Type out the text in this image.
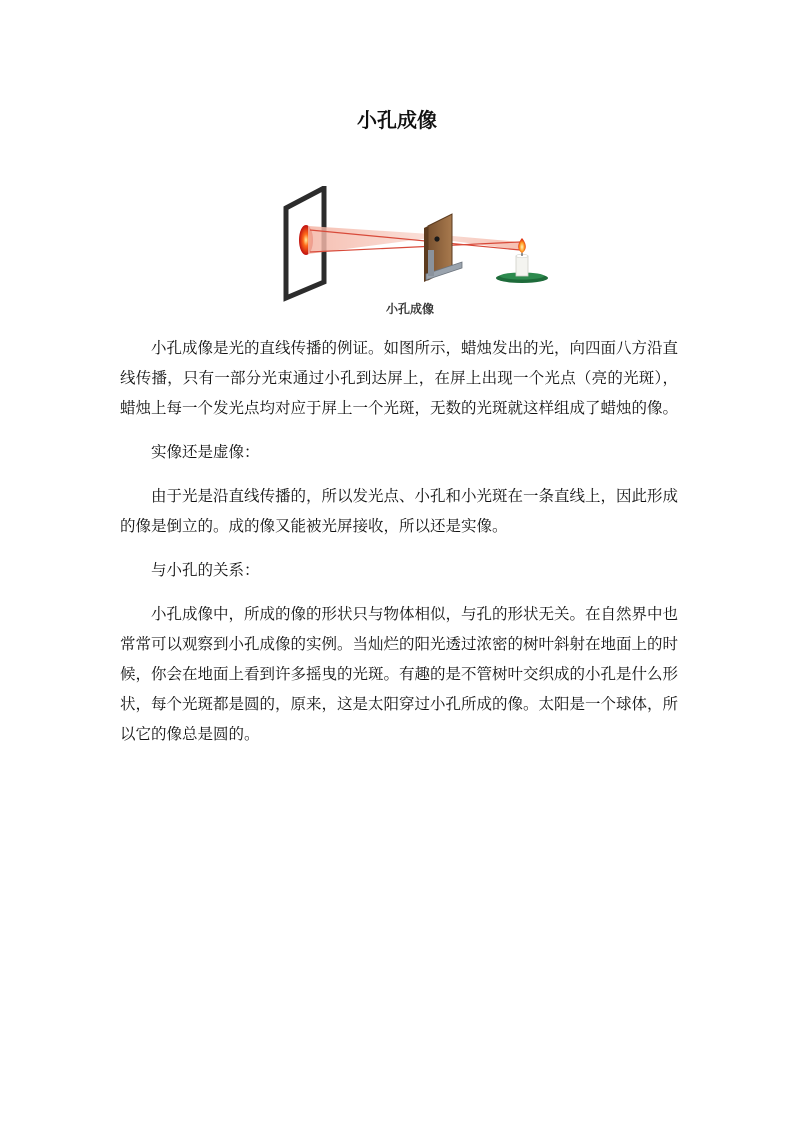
小孔成像
小孔成像

小孔成像是光的直线传播的例证。如图所示，蜡烛发出的光，向四面八方沿直线传播，只有一部分光束通过小孔到达屏上，在屏上出现一个光点（亮的光斑），蜡烛上每一个发光点均对应于屏上一个光斑，无数的光斑就这样组成了蜡烛的像。

实像还是虚像：

由于光是沿直线传播的，所以发光点、小孔和小光斑在一条直线上，因此形成的像是倒立的。成的像又能被光屏接收，所以还是实像。

与小孔的关系：

小孔成像中，所成的像的形状只与物体相似，与孔的形状无关。在自然界中也常常可以观察到小孔成像的实例。当灿烂的阳光透过浓密的树叶斜射在地面上的时候，你会在地面上看到许多摇曳的光斑。有趣的是不管树叶交织成的小孔是什么形状，每个光斑都是圆的，原来，这是太阳穿过小孔所成的像。太阳是一个球体，所以它的像总是圆的。
